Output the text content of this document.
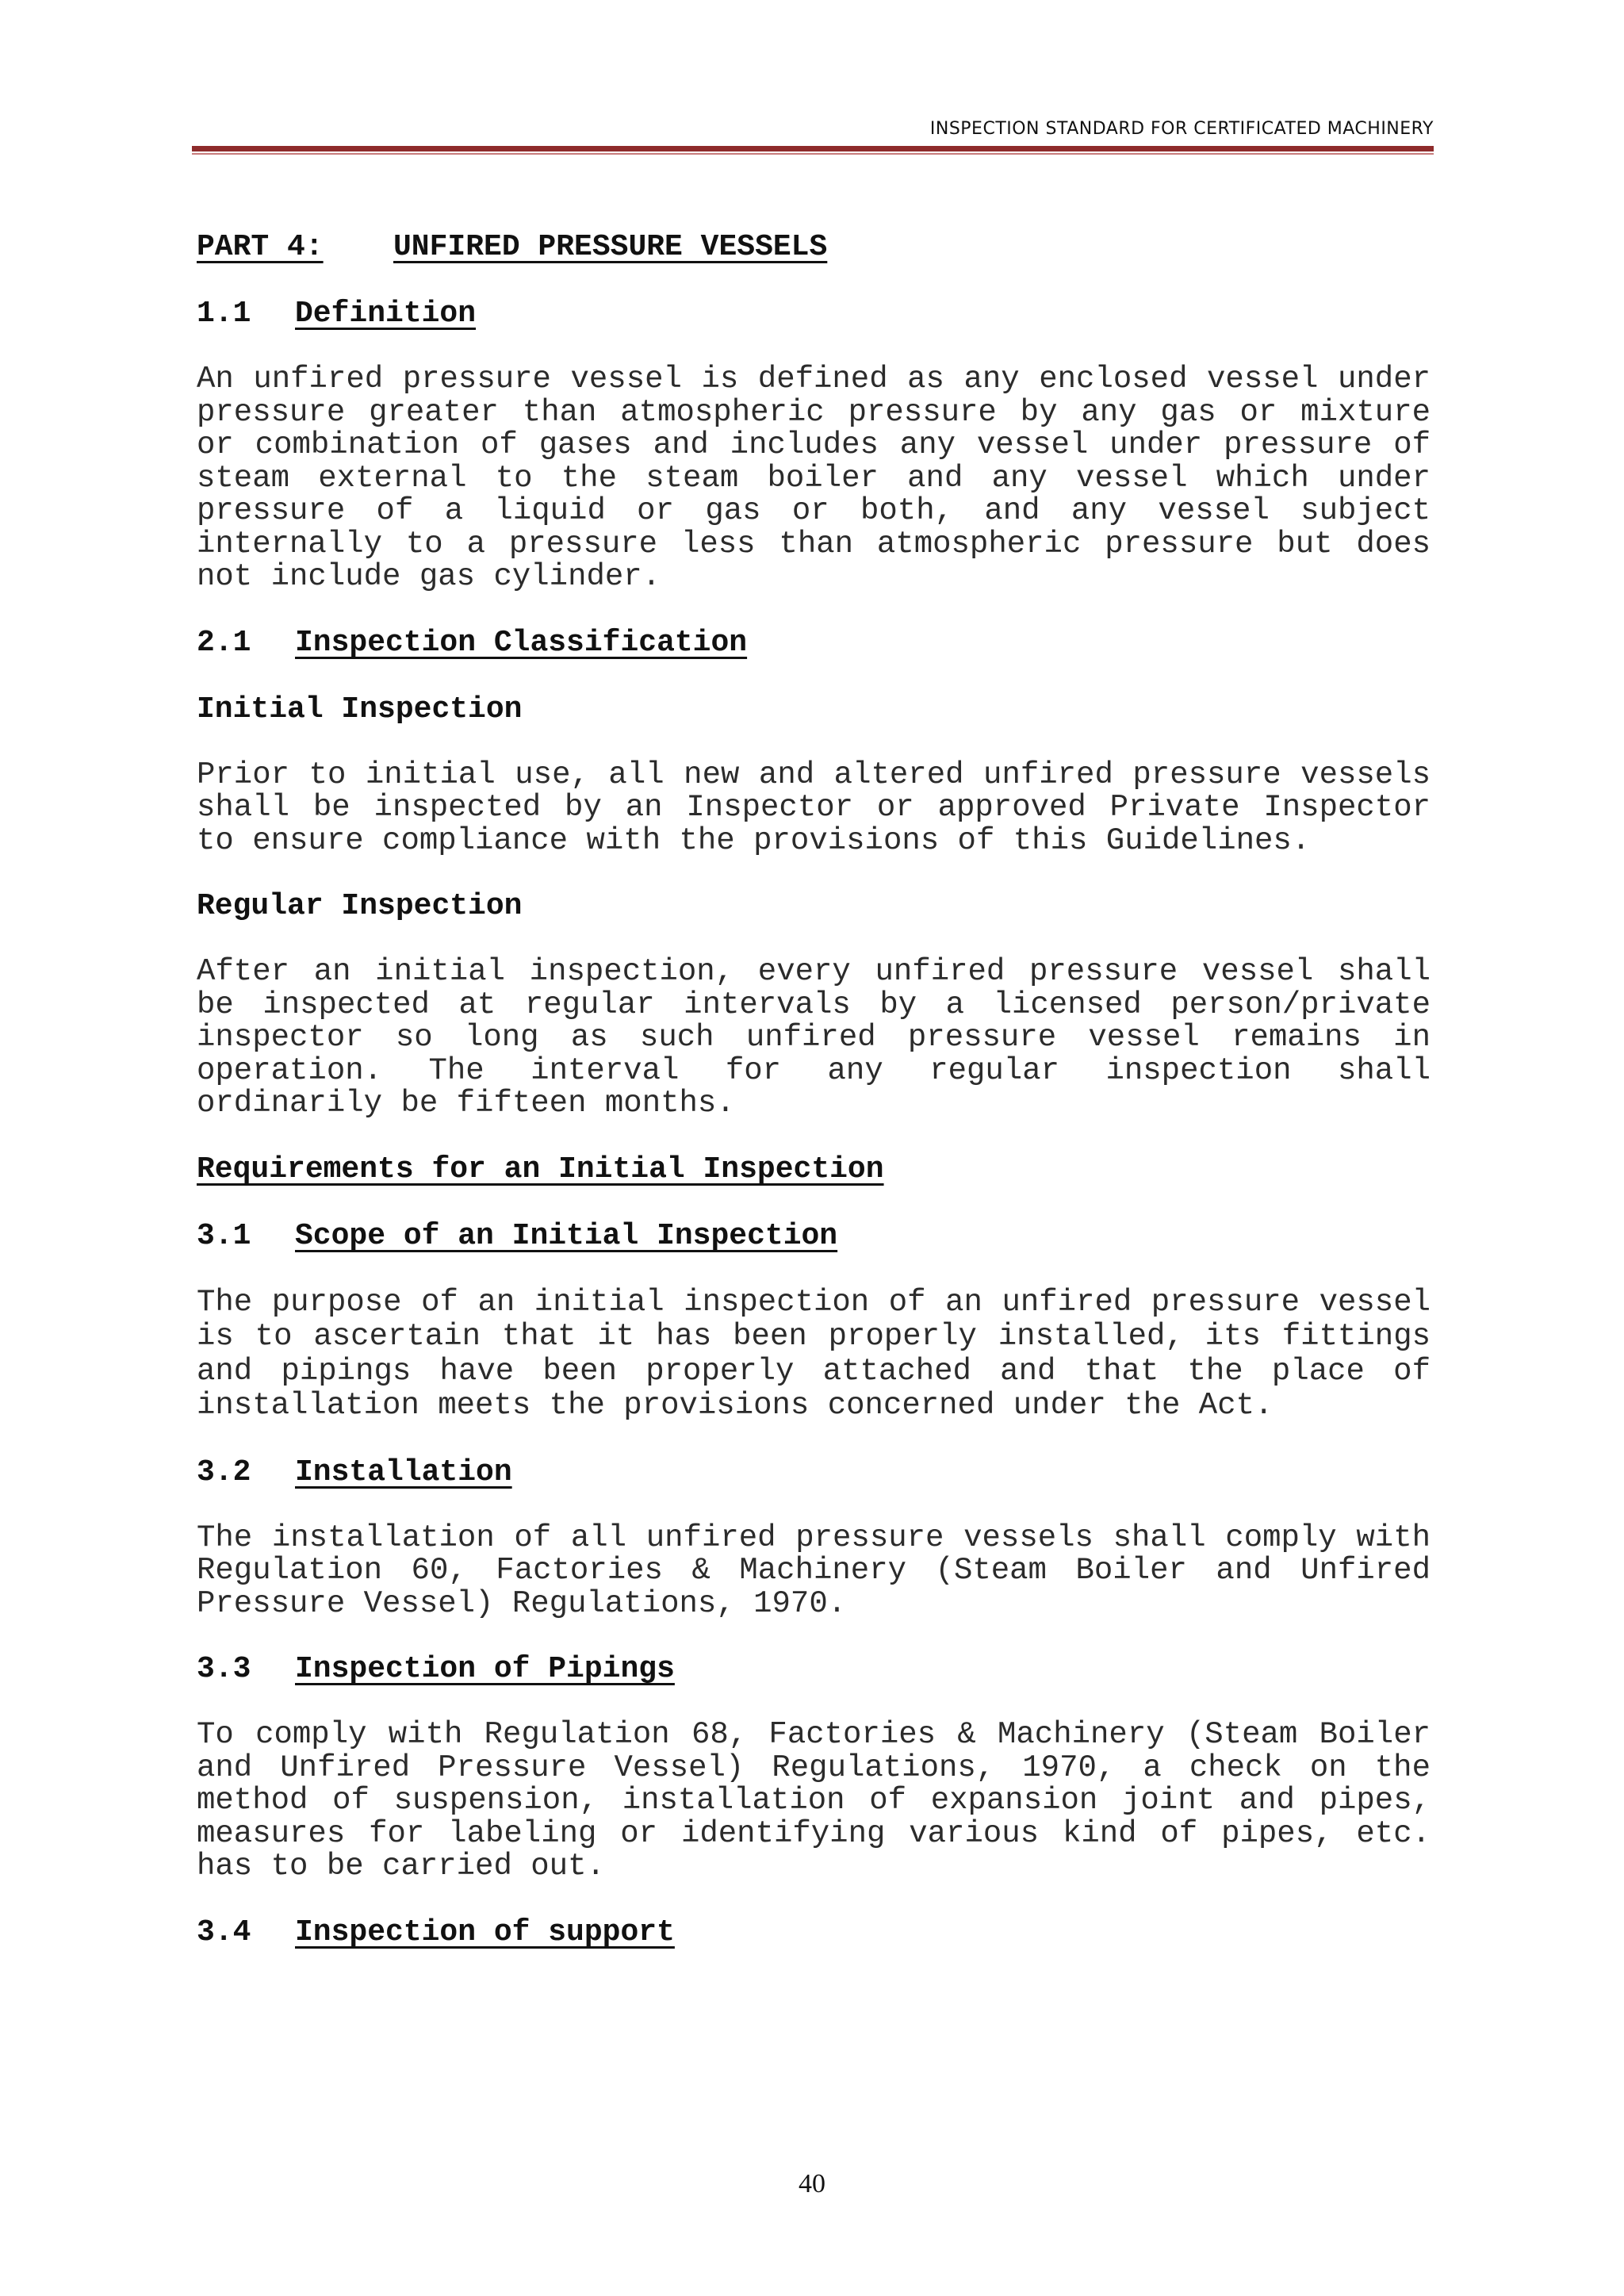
INSPECTION STANDARD FOR CERTIFICATED MACHINERY
PART 4:	UNFIRED PRESSURE VESSELS
1.1	Definition

An unfired pressure vessel is defined as any enclosed vessel under pressure greater than atmospheric pressure by any gas or mixture or combination of gases and includes any vessel under pressure of steam external to the steam boiler and any vessel which under pressure of a liquid or gas or both, and any vessel subject internally to a pressure less than atmospheric pressure but does not include gas cylinder.

2.1	Inspection Classification

Initial Inspection

Prior to initial use, all new and altered unfired pressure vessels shall be inspected by an Inspector or approved Private Inspector to ensure compliance with the provisions of this Guidelines.

Regular Inspection

After an initial inspection, every unfired pressure vessel shall be inspected at regular intervals by a licensed person/private inspector so long as such unfired pressure vessel remains in operation. The interval for any regular inspection shall ordinarily be fifteen months.

Requirements for an Initial Inspection

3.1	Scope of an Initial Inspection

The purpose of an initial inspection of an unfired pressure vessel is to ascertain that it has been properly installed, its fittings and pipings have been properly attached and that the place of installation meets the provisions concerned under the Act.

3.2	Installation

The installation of all unfired pressure vessels shall comply with Regulation 60, Factories & Machinery (Steam Boiler and Unfired Pressure Vessel) Regulations, 1970.

3.3	Inspection of Pipings

To comply with Regulation 68, Factories & Machinery (Steam Boiler and Unfired Pressure Vessel) Regulations, 1970, a check on the method of suspension, installation of expansion joint and pipes, measures for labeling or identifying various kind of pipes, etc. has to be carried out.

3.4	Inspection of support
40
